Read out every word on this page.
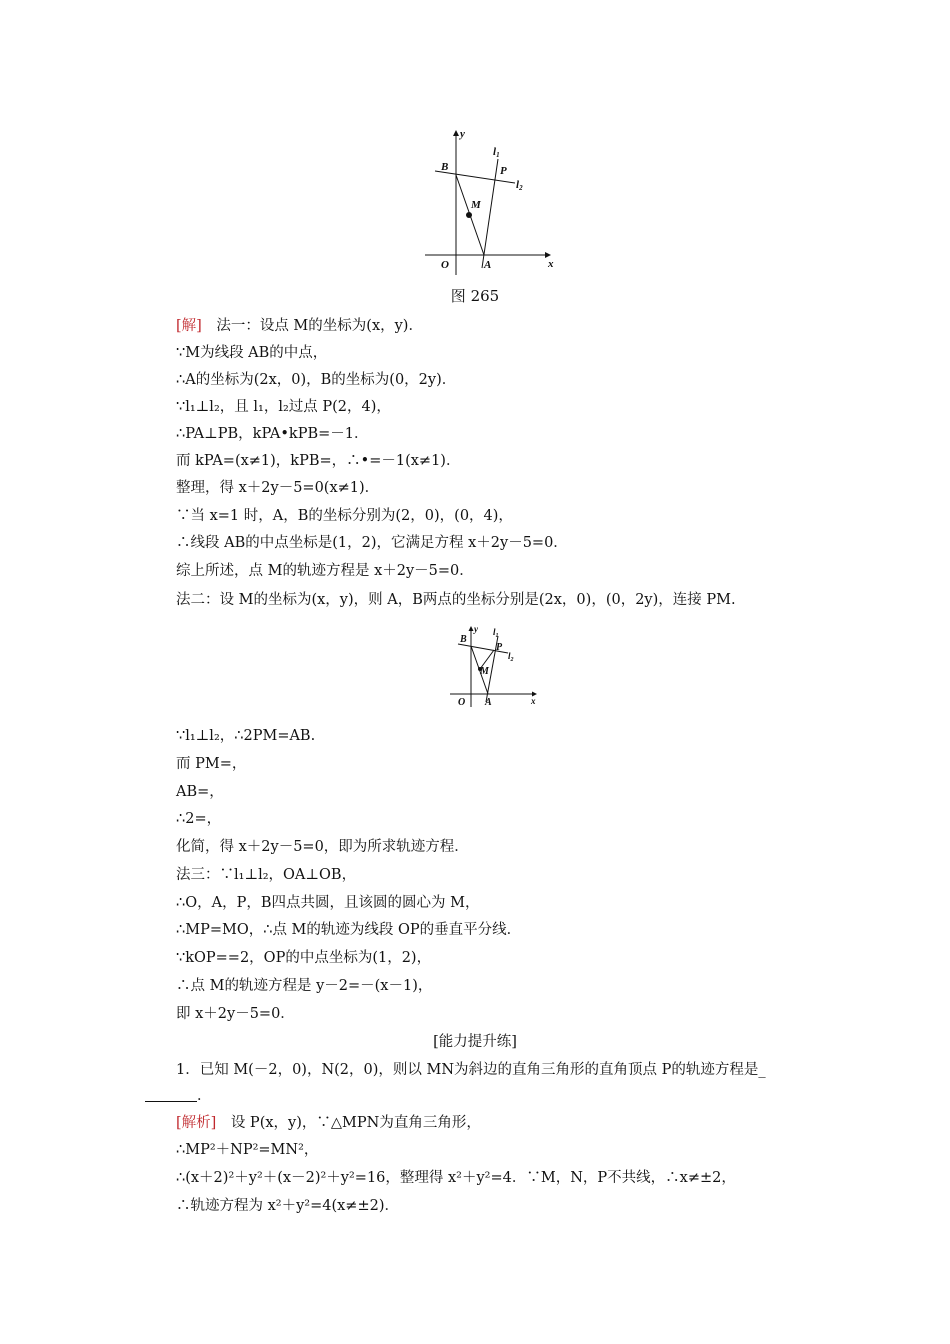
y
x
O	A
B	P
M
l1
l2
图 265
[解]　法一：设点 M的坐标为(x，y)．
∵M为线段 AB的中点，
∴A的坐标为(2x，0)，B的坐标为(0，2y)．
∵l₁⊥l₂，且 l₁，l₂过点 P(2，4)，
∴PA⊥PB，kPA•kPB=－1．
而 kPA=(x≠1)，kPB=，∴•=－1(x≠1)．
整理，得 x＋2y－5=0(x≠1)．
∵当 x=1 时，A，B的坐标分别为(2，0)，(0，4)，
∴线段 AB的中点坐标是(1，2)，它满足方程 x＋2y－5=0．
综上所述，点 M的轨迹方程是 x＋2y－5=0．
法二：设 M的坐标为(x，y)，则 A，B两点的坐标分别是(2x，0)，(0，2y)，连接 PM.
y
x
O A
B
P
M
$l_1$
$l_2$
∵l₁⊥l₂，∴2PM=AB.
而 PM=，
AB=，
∴2=，
化简，得 x＋2y－5=0，即为所求轨迹方程．
法三：∵l₁⊥l₂，OA⊥OB，
∴O，A，P，B四点共圆，且该圆的圆心为 M，
∴MP=MO，∴点 M的轨迹为线段 OP的垂直平分线．
∵kOP==2，OP的中点坐标为(1，2)，
∴点 M的轨迹方程是 y－2=－(x－1)，
即 x＋2y－5=0．
[能力提升练]
1．已知 M(－2，0)，N(2，0)，则以 MN为斜边的直角三角形的直角顶点 P的轨迹方程是_
．
[解析]　设 P(x，y)，∵△MPN为直角三角形，
∴MP²＋NP²=MN²，
∴(x＋2)²＋y²＋(x－2)²＋y²=16，整理得 x²＋y²=4．∵M，N，P不共线，∴x≠±2，
∴轨迹方程为 x²＋y²=4(x≠±2)．
